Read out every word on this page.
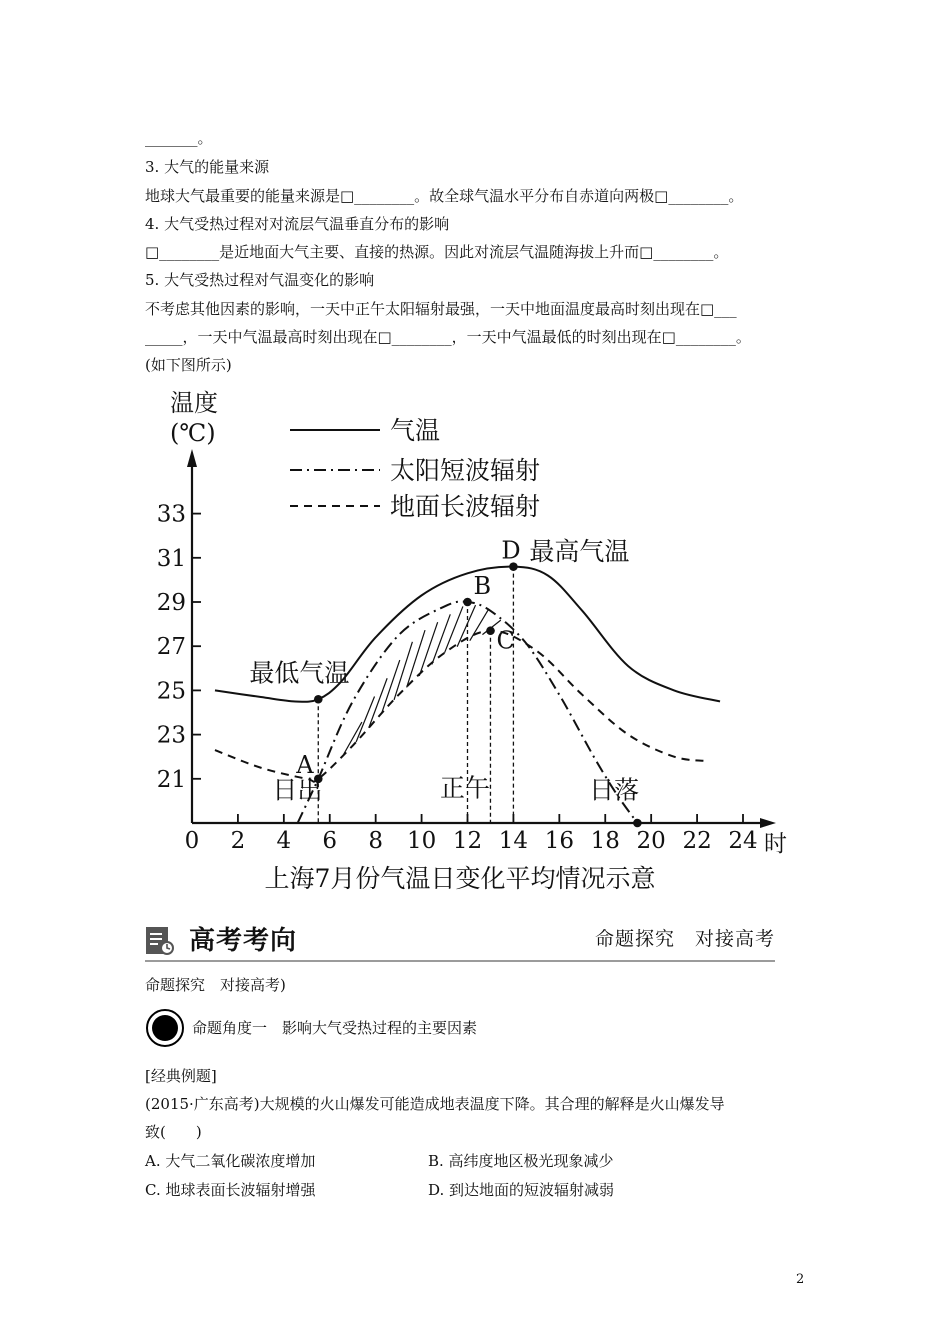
_______。
3. 大气的能量来源
地球大气最重要的能量来源是□________。故全球气温水平分布自赤道向两极□________。
4. 大气受热过程对对流层气温垂直分布的影响
□________是近地面大气主要、直接的热源。因此对流层气温随海拔上升而□________。
5. 大气受热过程对气温变化的影响
不考虑其他因素的影响，一天中正午太阳辐射最强，一天中地面温度最高时刻出现在□___
_____，一天中气温最高时刻出现在□________，一天中气温最低的时刻出现在□________。
(如下图所示)
0 2 4 6 8 10 12 14 16 18 20 22 24
21
23
25
27
29
31
33
温度
(℃)
时
上海7月份气温日变化平均情况示意
A
B
C
D 最高气温
最低气温
日出	正午	日落
气温
太阳短波辐射
地面长波辐射
高考考向	命题探究　对接高考
命题探究　对接高考)
命题角度一　影响大气受热过程的主要因素
[经典例题]
(2015·广东高考)大规模的火山爆发可能造成地表温度下降。其合理的解释是火山爆发导
致(　　)
A. 大气二氧化碳浓度增加	B. 高纬度地区极光现象减少
C. 地球表面长波辐射增强	D. 到达地面的短波辐射减弱
2
